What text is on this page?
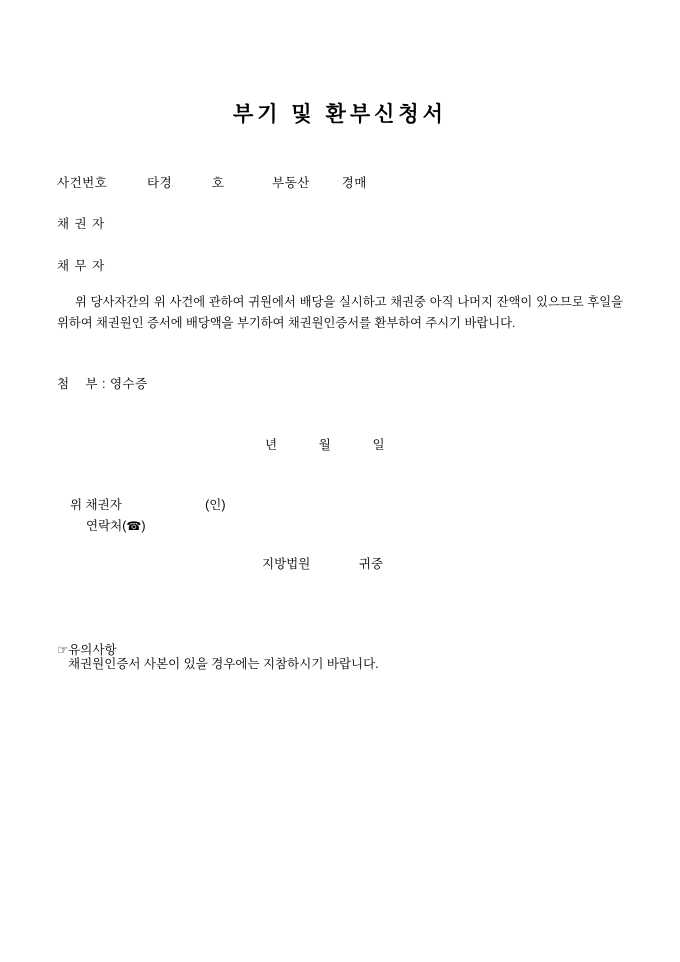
부기 및 환부신청서
사건번호          타경          호            부동산        경매
채 권 자
채 무 자
위 당사자간의 위 사건에 관하여 귀원에서 배당을 실시하고 채권중 아직 나머지 잔액이 있으므로 후일을 위하여 채권원인 증서에 배당액을 부기하여 채권원인증서를 환부하여 주시기 바랍니다.
첨    부 : 영수증
년            월            일
위 채권자                        (인)
연락처(☎)
지방법원              귀중
☞유의사항
채권원인증서 사본이 있을 경우에는 지참하시기 바랍니다.
